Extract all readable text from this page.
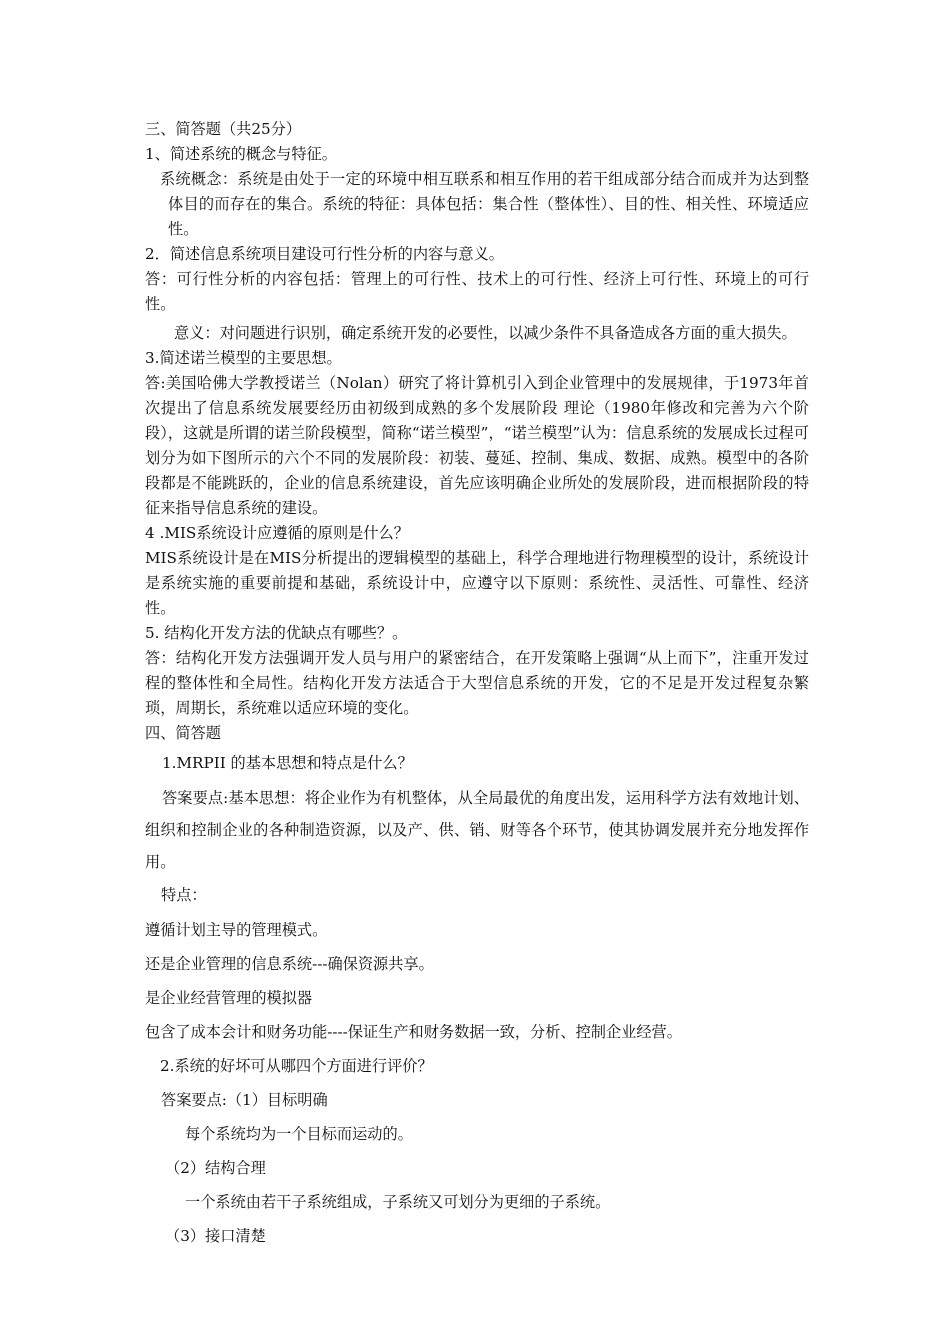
三、简答题（共25分）

1、简述系统的概念与特征。

系统概念：系统是由处于一定的环境中相互联系和相互作用的若干组成部分结合而成并为达到整体目的而存在的集合。系统的特征：具体包括：集合性（整体性）、目的性、相关性、环境适应性。

2．简述信息系统项目建设可行性分析的内容与意义。

答：可行性分析的内容包括：管理上的可行性、技术上的可行性、经济上可行性、环境上的可行性。

意义：对问题进行识别，确定系统开发的必要性，以减少条件不具备造成各方面的重大损失。

3.简述诺兰模型的主要思想。

答:美国哈佛大学教授诺兰（Nolan）研究了将计算机引入到企业管理中的发展规律，于1973年首次提出了信息系统发展要经历由初级到成熟的多个发展阶段 理论（1980年修改和完善为六个阶段），这就是所谓的诺兰阶段模型，简称“诺兰模型”，“诺兰模型”认为：信息系统的发展成长过程可划分为如下图所示的六个不同的发展阶段：初装、蔓延、控制、集成、数据、成熟。模型中的各阶段都是不能跳跃的，企业的信息系统建设，首先应该明确企业所处的发展阶段，进而根据阶段的特征来指导信息系统的建设。

4 .MIS系统设计应遵循的原则是什么？

MIS系统设计是在MIS分析提出的逻辑模型的基础上，科学合理地进行物理模型的设计，系统设计是系统实施的重要前提和基础，系统设计中，应遵守以下原则：系统性、灵活性、可靠性、经济性。

5. 结构化开发方法的优缺点有哪些？。

答：结构化开发方法强调开发人员与用户的紧密结合，在开发策略上强调“从上而下”，注重开发过程的整体性和全局性。结构化开发方法适合于大型信息系统的开发，它的不足是开发过程复杂繁琐，周期长，系统难以适应环境的变化。

四、简答题

1.MRPII 的基本思想和特点是什么？

答案要点:基本思想：将企业作为有机整体，从全局最优的角度出发，运用科学方法有效地计划、组织和控制企业的各种制造资源，以及产、供、销、财等各个环节，使其协调发展并充分地发挥作用。

特点：

遵循计划主导的管理模式。

还是企业管理的信息系统---确保资源共享。

是企业经营管理的模拟器

包含了成本会计和财务功能----保证生产和财务数据一致，分析、控制企业经营。

2.系统的好坏可从哪四个方面进行评价？

答案要点:（1）目标明确

每个系统均为一个目标而运动的。

（2）结构合理

一个系统由若干子系统组成，子系统又可划分为更细的子系统。

（3）接口清楚
